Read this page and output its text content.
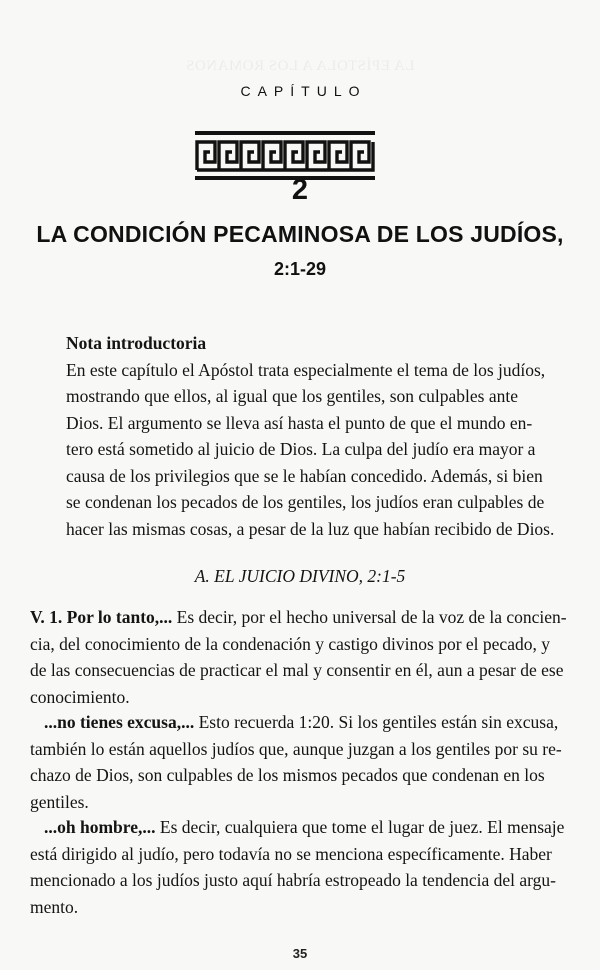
LA EPÍSTOLA A LOS ROMANOS
CAPÍTULO
2
LA CONDICIÓN PECAMINOSA DE LOS JUDÍOS,
2:1-29
Nota introductoria
En este capítulo el Apóstol trata especialmente el tema de los judíos,
mostrando que ellos, al igual que los gentiles, son culpables ante
Dios. El argumento se lleva así hasta el punto de que el mundo en-
tero está sometido al juicio de Dios. La culpa del judío era mayor a
causa de los privilegios que se le habían concedido. Además, si bien
se condenan los pecados de los gentiles, los judíos eran culpables de
hacer las mismas cosas, a pesar de la luz que habían recibido de Dios.
A. EL JUICIO DIVINO, 2:1-5
V. 1. Por lo tanto,... Es decir, por el hecho universal de la voz de la concien-
cia, del conocimiento de la condenación y castigo divinos por el pecado, y
de las consecuencias de practicar el mal y consentir en él, aun a pesar de ese
conocimiento.
...no tienes excusa,... Esto recuerda 1:20. Si los gentiles están sin excusa,
también lo están aquellos judíos que, aunque juzgan a los gentiles por su re-
chazo de Dios, son culpables de los mismos pecados que condenan en los
gentiles.
...oh hombre,... Es decir, cualquiera que tome el lugar de juez. El mensaje
está dirigido al judío, pero todavía no se menciona específicamente. Haber
mencionado a los judíos justo aquí habría estropeado la tendencia del argu-
mento.
35
